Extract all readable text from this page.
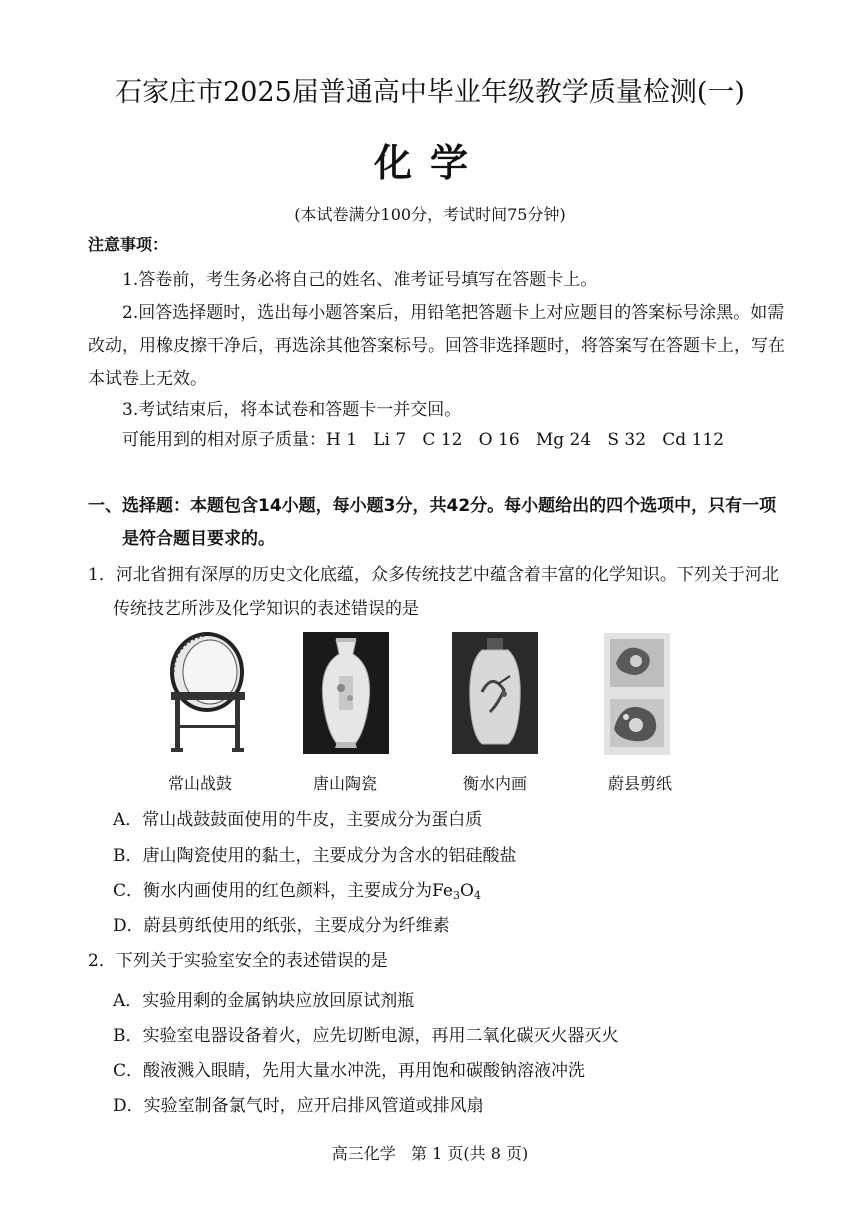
石家庄市2025届普通高中毕业年级教学质量检测(一)
化学
(本试卷满分100分，考试时间75分钟)
注意事项：
1.答卷前，考生务必将自己的姓名、准考证号填写在答题卡上。
2.回答选择题时，选出每小题答案后，用铅笔把答题卡上对应题目的答案标号涂黑。如需改动，用橡皮擦干净后，再选涂其他答案标号。回答非选择题时，将答案写在答题卡上，写在本试卷上无效。
3.考试结束后，将本试卷和答题卡一并交回。
可能用到的相对原子质量：H 1   Li 7   C 12   O 16   Mg 24   S 32   Cd 112
一、选择题：本题包含14小题，每小题3分，共42分。每小题给出的四个选项中，只有一项
是符合题目要求的。
1．河北省拥有深厚的历史文化底蕴，众多传统技艺中蕴含着丰富的化学知识。下列关于河北
传统技艺所涉及化学知识的表述错误的是
常山战鼓	唐山陶瓷	衡水内画	蔚县剪纸
A．常山战鼓鼓面使用的牛皮，主要成分为蛋白质
B．唐山陶瓷使用的黏土，主要成分为含水的铝硅酸盐
C．衡水内画使用的红色颜料，主要成分为$Fe_3O_4$
D．蔚县剪纸使用的纸张，主要成分为纤维素
2．下列关于实验室安全的表述错误的是
A．实验用剩的金属钠块应放回原试剂瓶
B．实验室电器设备着火，应先切断电源，再用二氧化碳灭火器灭火
C．酸液溅入眼睛，先用大量水冲洗，再用饱和碳酸钠溶液冲洗
D．实验室制备氯气时，应开启排风管道或排风扇
高三化学   第 1 页(共 8 页)
